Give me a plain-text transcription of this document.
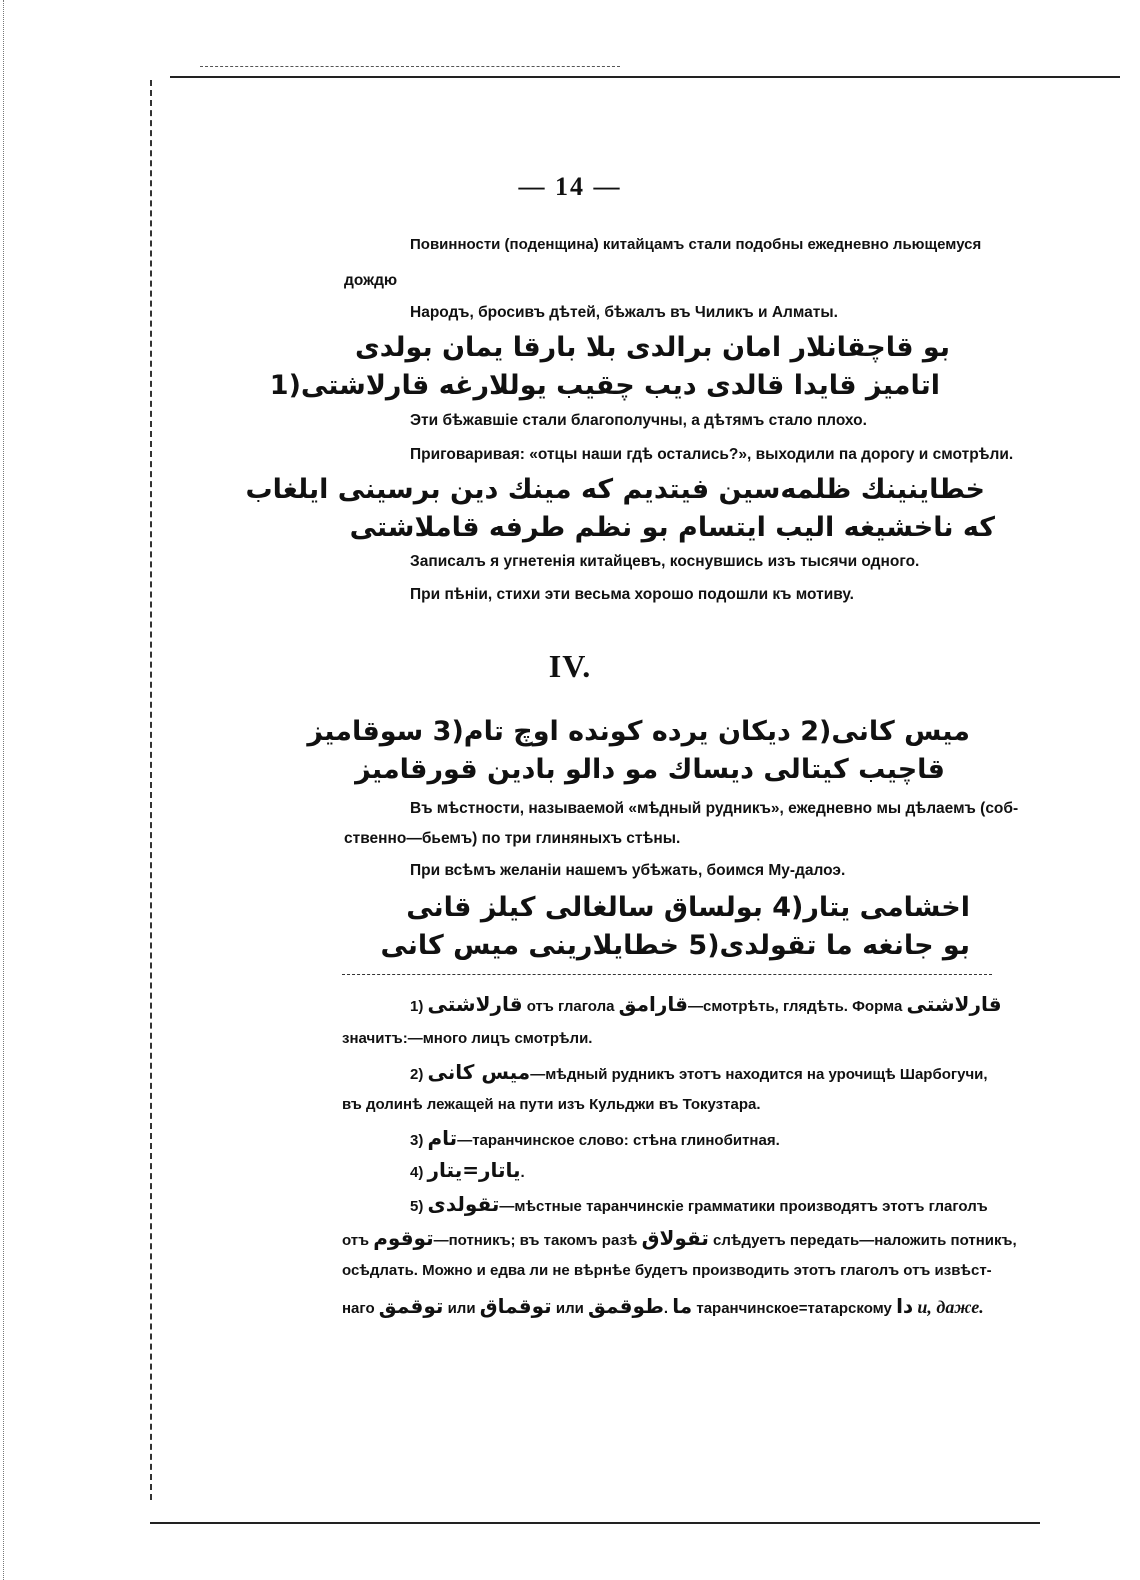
— 14 —
Повинности (поденщина) китайцамъ стали подобны ежедневно льющемуся
дождю
Народъ, бросивъ дѣтей, бѣжалъ въ Чиликъ и Алматы.
بو قاچقانلار امان برالدی بلا بارقا یمان بولدی
اتامیز قایدا قالدی دیب چقیب یوللارغه قارلاشتی(1
Эти бѣжавшіе стали благополучны, а дѣтямъ стало плохо.
Приговаривая: «отцы наши гдѣ остались?», выходили па дорогу и смотрѣли.
خطاینینك ظلمەسین فیتدیم که مینك دین برسینی ایلغاب
که ناخشیغه الیب ایتسام بو نظم طرفه قاملاشتی
Записалъ я угнетенія китайцевъ, коснувшись изъ тысячи одного.
При пѣніи, стихи эти весьма хорошо подошли къ мотиву.
IV.
میس کانی(2 دیکان یرده کونده اوچ تام(3 سوقامیز
قاچیب کیتالی دیساك مو دالو بادین قورقامیز
Въ мѣстности, называемой «мѣдный рудникъ», ежедневно мы дѣлаемъ (соб-
ственно—бьемъ) по три глиняныхъ стѣны.
При всѣмъ желаніи нашемъ убѣжать, боимся Му-далоэ.
اخشامی یتار(4 بولساق سالغالی کیلز قانی
بو جانغه ما تقولدی(5 خطایلارینی میس کانی
1) قارلاشتی отъ глагола قارامق—смотрѣть, глядѣть. Форма قارلاشتی
значитъ:—много лицъ смотрѣли.
2) میس کانی—мѣдный рудникъ этотъ находится на урочищѣ Шарбогучи,
въ долинѣ лежащей на пути изъ Кульджи въ Токузтара.
3) تام—таранчинское слово: стѣна глинобитная.
4) یاتار=یتار.
5) تقولدی—мѣстные таранчинскіе грамматики производятъ этотъ глаголъ
отъ توقوم—потникъ; въ такомъ разѣ تقولاق слѣдуетъ передать—наложить потникъ,
осѣдлать. Можно и едва ли не вѣрнѣе будетъ производить этотъ глаголъ отъ извѣст-
наго توقمق или توقماق или طوقمق. ما таранчинское=татарскому دا и, даже.
